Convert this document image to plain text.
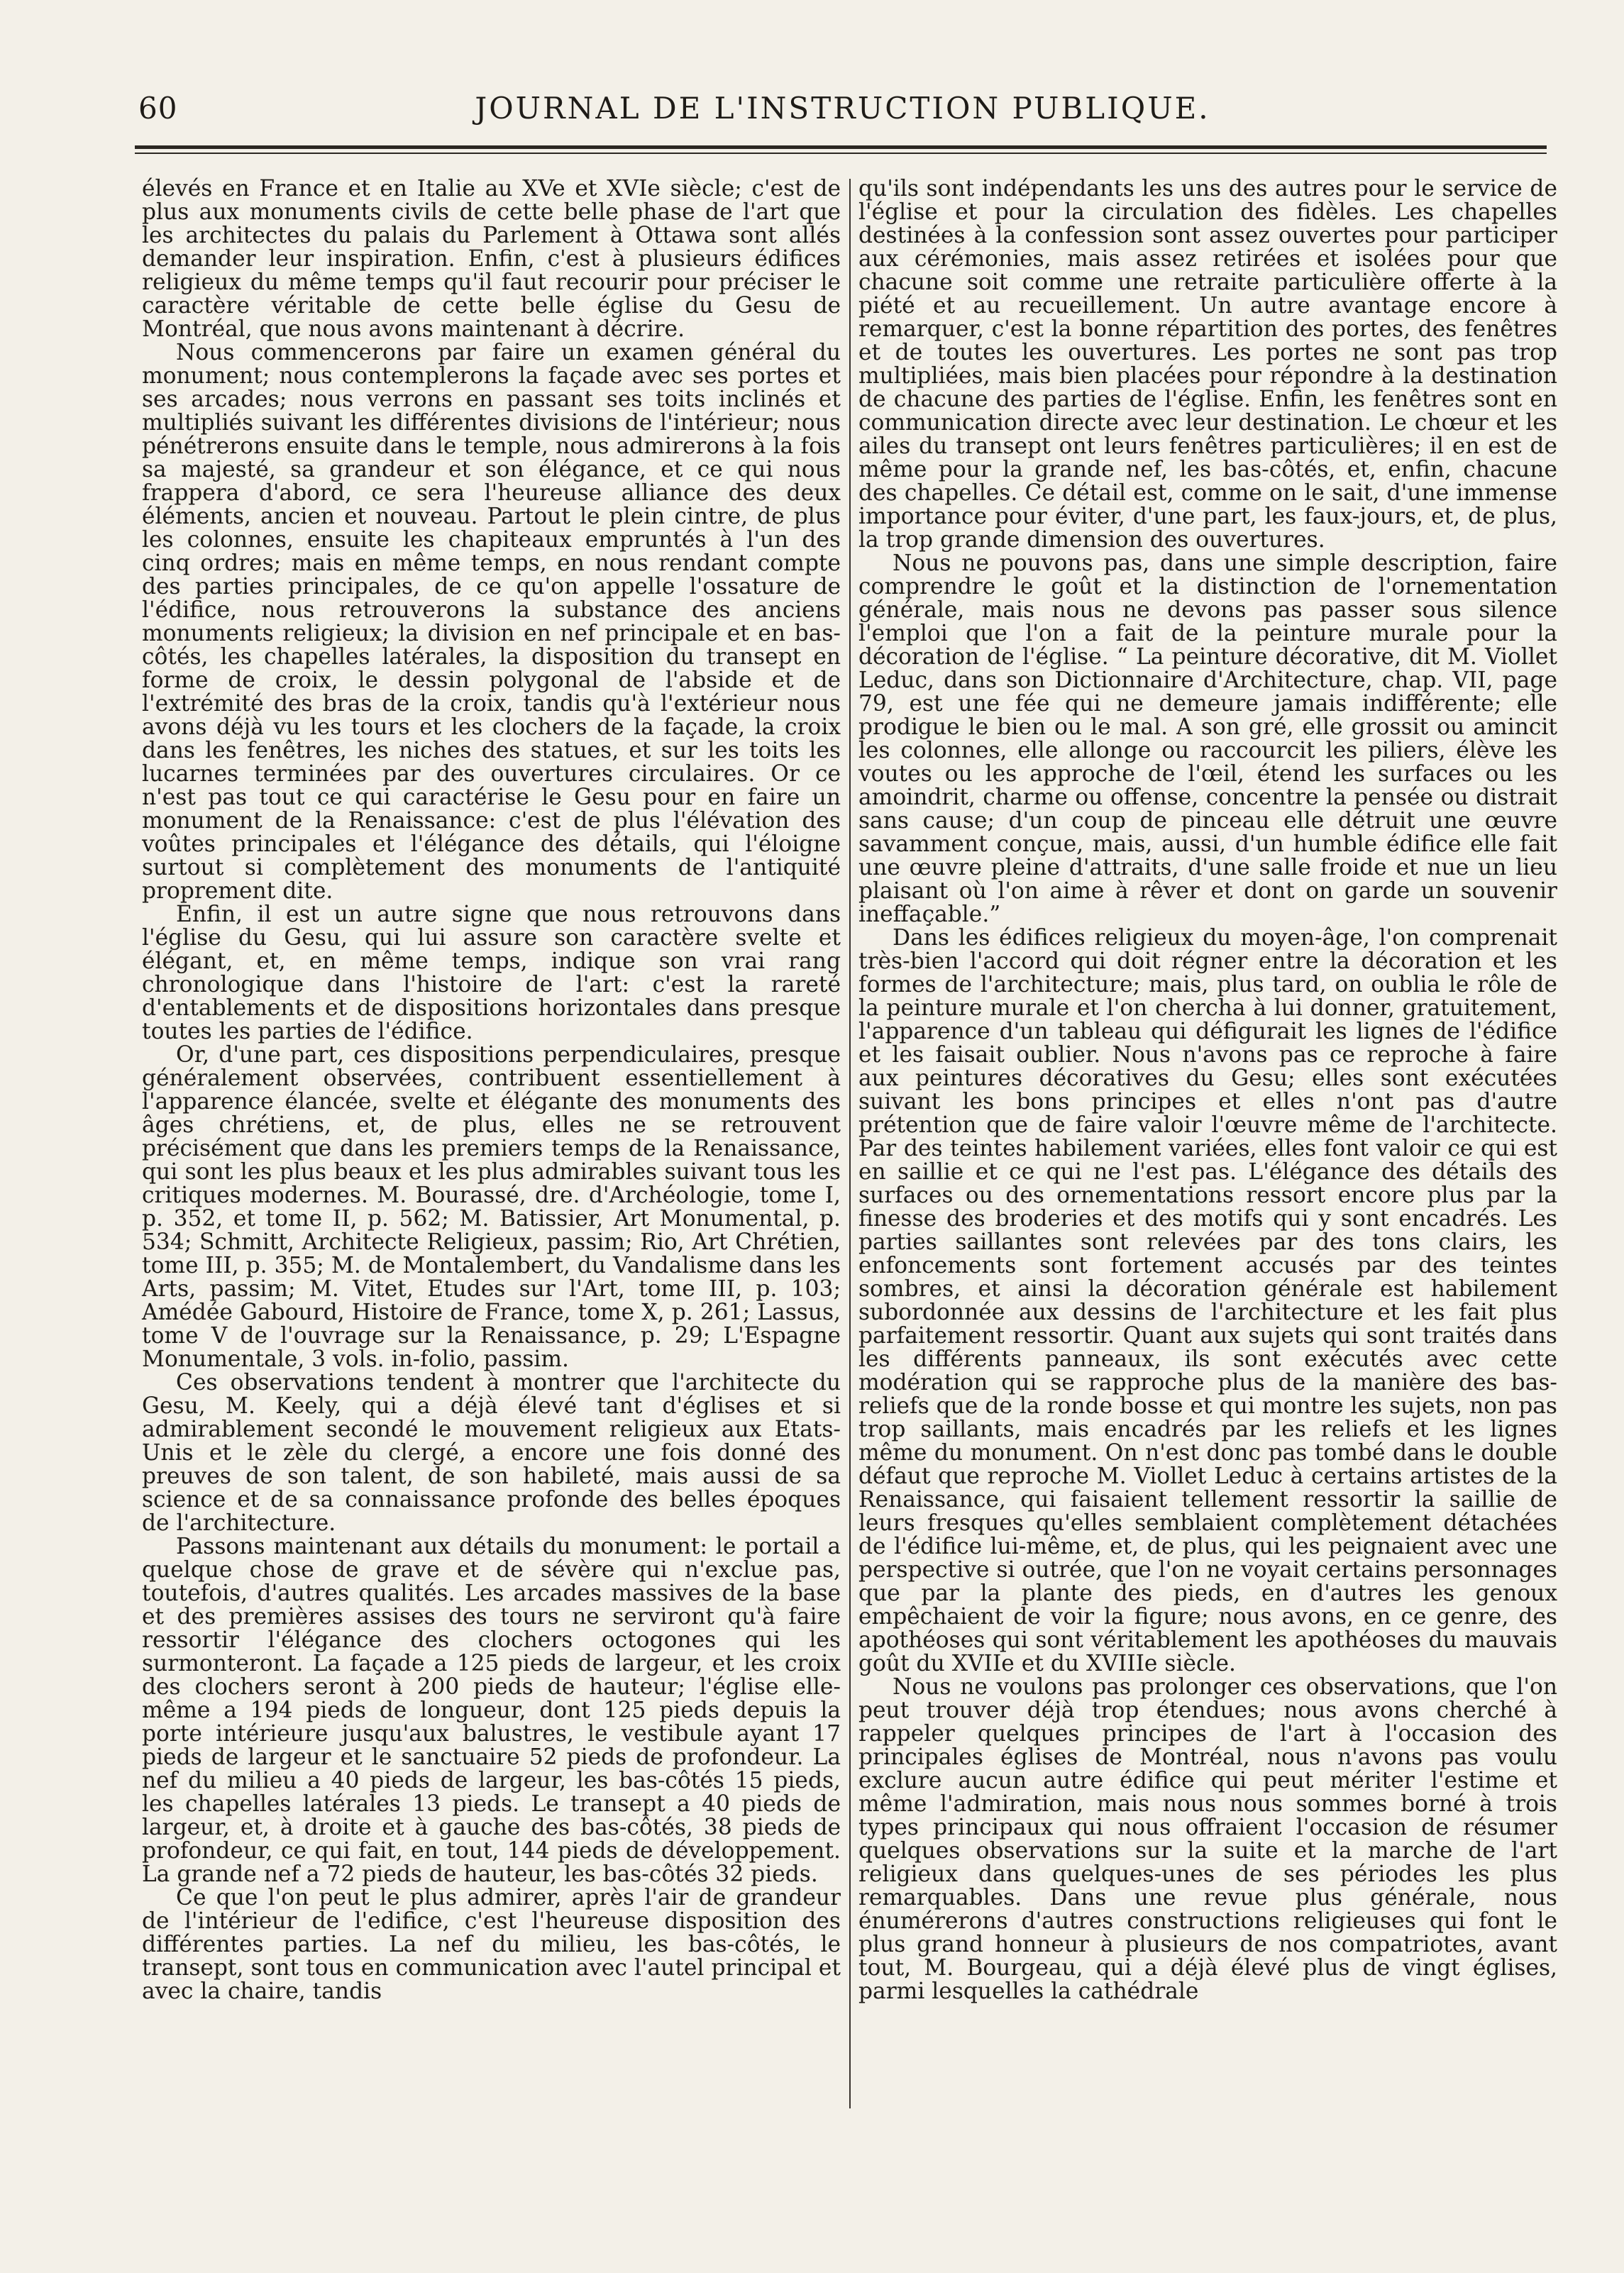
60	JOURNAL DE L'INSTRUCTION PUBLIQUE.

élevés en France et en Italie au XVe et XVIe siècle; c'est de plus aux monuments civils de cette belle phase de l'art que les architectes du palais du Parlement à Ottawa sont allés demander leur inspiration. Enfin, c'est à plusieurs édifices religieux du même temps qu'il faut recourir pour préciser le caractère véritable de cette belle église du Gesu de Montréal, que nous avons maintenant à décrire.

Nous commencerons par faire un examen général du monument; nous contemplerons la façade avec ses portes et ses arcades; nous verrons en passant ses toits inclinés et multipliés suivant les différentes divisions de l'intérieur; nous pénétrerons ensuite dans le temple, nous admirerons à la fois sa majesté, sa grandeur et son élégance, et ce qui nous frappera d'abord, ce sera l'heureuse alliance des deux éléments, ancien et nouveau. Partout le plein cintre, de plus les colonnes, ensuite les chapiteaux empruntés à l'un des cinq ordres; mais en même temps, en nous rendant compte des parties principales, de ce qu'on appelle l'ossature de l'édifice, nous retrouverons la substance des anciens monuments religieux; la division en nef principale et en bas-côtés, les chapelles latérales, la disposition du transept en forme de croix, le dessin polygonal de l'abside et de l'extrémité des bras de la croix, tandis qu'à l'extérieur nous avons déjà vu les tours et les clochers de la façade, la croix dans les fenêtres, les niches des statues, et sur les toits les lucarnes terminées par des ouvertures circulaires. Or ce n'est pas tout ce qui caractérise le Gesu pour en faire un monument de la Renaissance: c'est de plus l'élévation des voûtes principales et l'élégance des détails, qui l'éloigne surtout si complètement des monuments de l'antiquité proprement dite.

Enfin, il est un autre signe que nous retrouvons dans l'église du Gesu, qui lui assure son caractère svelte et élégant, et, en même temps, indique son vrai rang chronologique dans l'histoire de l'art: c'est la rareté d'entablements et de dispositions horizontales dans presque toutes les parties de l'édifice.

Or, d'une part, ces dispositions perpendiculaires, presque généralement observées, contribuent essentiellement à l'apparence élancée, svelte et élégante des monuments des âges chrétiens, et, de plus, elles ne se retrouvent précisément que dans les premiers temps de la Renaissance, qui sont les plus beaux et les plus admirables suivant tous les critiques modernes. M. Bourassé, dre. d'Archéologie, tome I, p. 352, et tome II, p. 562; M. Batissier, Art Monumental, p. 534; Schmitt, Architecte Religieux, passim; Rio, Art Chrétien, tome III, p. 355; M. de Montalembert, du Vandalisme dans les Arts, passim; M. Vitet, Etudes sur l'Art, tome III, p. 103; Amédée Gabourd, Histoire de France, tome X, p. 261; Lassus, tome V de l'ouvrage sur la Renaissance, p. 29; L'Espagne Monumentale, 3 vols. in-folio, passim.

Ces observations tendent à montrer que l'architecte du Gesu, M. Keely, qui a déjà élevé tant d'églises et si admirablement secondé le mouvement religieux aux Etats-Unis et le zèle du clergé, a encore une fois donné des preuves de son talent, de son habileté, mais aussi de sa science et de sa connaissance profonde des belles époques de l'architecture.

Passons maintenant aux détails du monument: le portail a quelque chose de grave et de sévère qui n'exclue pas, toutefois, d'autres qualités. Les arcades massives de la base et des premières assises des tours ne serviront qu'à faire ressortir l'élégance des clochers octogones qui les surmonteront. La façade a 125 pieds de largeur, et les croix des clochers seront à 200 pieds de hauteur; l'église elle-même a 194 pieds de longueur, dont 125 pieds depuis la porte intérieure jusqu'aux balustres, le vestibule ayant 17 pieds de largeur et le sanctuaire 52 pieds de profondeur. La nef du milieu a 40 pieds de largeur, les bas-côtés 15 pieds, les chapelles latérales 13 pieds. Le transept a 40 pieds de largeur, et, à droite et à gauche des bas-côtés, 38 pieds de profondeur, ce qui fait, en tout, 144 pieds de développement. La grande nef a 72 pieds de hauteur, les bas-côtés 32 pieds.

Ce que l'on peut le plus admirer, après l'air de grandeur de l'intérieur de l'edifice, c'est l'heureuse disposition des différentes parties. La nef du milieu, les bas-côtés, le transept, sont tous en communication avec l'autel principal et avec la chaire, tandis

qu'ils sont indépendants les uns des autres pour le service de l'église et pour la circulation des fidèles. Les chapelles destinées à la confession sont assez ouvertes pour participer aux cérémonies, mais assez retirées et isolées pour que chacune soit comme une retraite particulière offerte à la piété et au recueillement. Un autre avantage encore à remarquer, c'est la bonne répartition des portes, des fenêtres et de toutes les ouvertures. Les portes ne sont pas trop multipliées, mais bien placées pour répondre à la destination de chacune des parties de l'église. Enfin, les fenêtres sont en communication directe avec leur destination. Le chœur et les ailes du transept ont leurs fenêtres particulières; il en est de même pour la grande nef, les bas-côtés, et, enfin, chacune des chapelles. Ce détail est, comme on le sait, d'une immense importance pour éviter, d'une part, les faux-jours, et, de plus, la trop grande dimension des ouvertures.

Nous ne pouvons pas, dans une simple description, faire comprendre le goût et la distinction de l'ornementation générale, mais nous ne devons pas passer sous silence l'emploi que l'on a fait de la peinture murale pour la décoration de l'église. “ La peinture décorative, dit M. Viollet Leduc, dans son Dictionnaire d'Architecture, chap. VII, page 79, est une fée qui ne demeure jamais indifférente; elle prodigue le bien ou le mal. A son gré, elle grossit ou amincit les colonnes, elle allonge ou raccourcit les piliers, élève les voutes ou les approche de l'œil, étend les surfaces ou les amoindrit, charme ou offense, concentre la pensée ou distrait sans cause; d'un coup de pinceau elle détruit une œuvre savamment conçue, mais, aussi, d'un humble édifice elle fait une œuvre pleine d'attraits, d'une salle froide et nue un lieu plaisant où l'on aime à rêver et dont on garde un souvenir ineffaçable.”

Dans les édifices religieux du moyen-âge, l'on comprenait très-bien l'accord qui doit régner entre la décoration et les formes de l'architecture; mais, plus tard, on oublia le rôle de la peinture murale et l'on chercha à lui donner, gratuitement, l'apparence d'un tableau qui défigurait les lignes de l'édifice et les faisait oublier. Nous n'avons pas ce reproche à faire aux peintures décoratives du Gesu; elles sont exécutées suivant les bons principes et elles n'ont pas d'autre prétention que de faire valoir l'œuvre même de l'architecte. Par des teintes habilement variées, elles font valoir ce qui est en saillie et ce qui ne l'est pas. L'élégance des détails des surfaces ou des ornementations ressort encore plus par la finesse des broderies et des motifs qui y sont encadrés. Les parties saillantes sont relevées par des tons clairs, les enfoncements sont fortement accusés par des teintes sombres, et ainsi la décoration générale est habilement subordonnée aux dessins de l'architecture et les fait plus parfaitement ressortir. Quant aux sujets qui sont traités dans les différents panneaux, ils sont exécutés avec cette modération qui se rapproche plus de la manière des bas-reliefs que de la ronde bosse et qui montre les sujets, non pas trop saillants, mais encadrés par les reliefs et les lignes même du monument. On n'est donc pas tombé dans le double défaut que reproche M. Viollet Leduc à certains artistes de la Renaissance, qui faisaient tellement ressortir la saillie de leurs fresques qu'elles semblaient complètement détachées de l'édifice lui-même, et, de plus, qui les peignaient avec une perspective si outrée, que l'on ne voyait certains personnages que par la plante des pieds, en d'autres les genoux empêchaient de voir la figure; nous avons, en ce genre, des apothéoses qui sont véritablement les apothéoses du mauvais goût du XVIIe et du XVIIIe siècle.

Nous ne voulons pas prolonger ces observations, que l'on peut trouver déjà trop étendues; nous avons cherché à rappeler quelques principes de l'art à l'occasion des principales églises de Montréal, nous n'avons pas voulu exclure aucun autre édifice qui peut mériter l'estime et même l'admiration, mais nous nous sommes borné à trois types principaux qui nous offraient l'occasion de résumer quelques observations sur la suite et la marche de l'art religieux dans quelques-unes de ses périodes les plus remarquables. Dans une revue plus générale, nous énumérerons d'autres constructions religieuses qui font le plus grand honneur à plusieurs de nos compatriotes, avant tout, M. Bourgeau, qui a déjà élevé plus de vingt églises, parmi lesquelles la cathédrale
